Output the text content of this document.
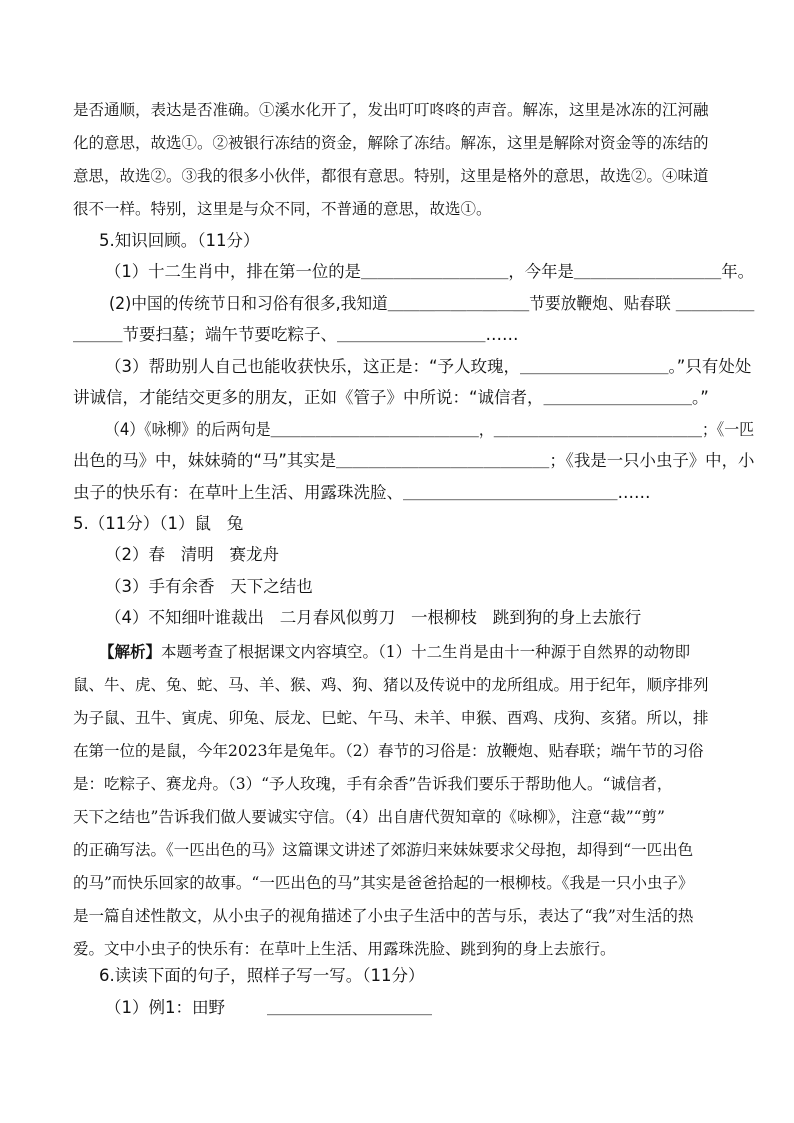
是否通顺，表达是否准确。①溪水化开了，发出叮叮咚咚的声音。解冻，这里是冰冻的江河融
化的意思，故选①。②被银行冻结的资金，解除了冻结。解冻，这里是解除对资金等的冻结的
意思，故选②。③我的很多小伙伴，都很有意思。特别，这里是格外的意思，故选②。④味道
很不一样。特别，这里是与众不同，不普通的意思，故选①。
5.知识回顾。（11分）
（1）十二生肖中，排在第一位的是＿＿＿＿＿＿＿＿＿，今年是＿＿＿＿＿＿＿＿＿年。
(2)中国的传统节日和习俗有很多,我知道＿＿＿＿＿＿＿＿＿节要放鞭炮、贴春联 ＿＿＿＿＿
＿＿＿节要扫墓；端午节要吃粽子、＿＿＿＿＿＿＿＿＿……
（3）帮助别人自己也能收获快乐，这正是：“予人玫瑰，＿＿＿＿＿＿＿＿＿。”只有处处
讲诚信，才能结交更多的朋友，正如《管子》中所说：“诚信者，＿＿＿＿＿＿＿＿＿。”
（4）《咏柳》的后两句是＿＿＿＿＿＿＿＿＿＿＿＿＿＿，＿＿＿＿＿＿＿＿＿＿＿＿＿＿；《一匹
出色的马》中，妹妹骑的“马”其实是＿＿＿＿＿＿＿＿＿＿＿＿＿；《我是一只小虫子》中，小
虫子的快乐有：在草叶上生活、用露珠洗脸、＿＿＿＿＿＿＿＿＿＿＿＿＿……
5.（11分）（1）鼠   兔
（2）春   清明   赛龙舟
（3）手有余香   天下之结也
（4）不知细叶谁裁出   二月春风似剪刀   一根柳枝   跳到狗的身上去旅行
【解析】本题考查了根据课文内容填空。（1）十二生肖是由十一种源于自然界的动物即
鼠、牛、虎、兔、蛇、马、羊、猴、鸡、狗、猪以及传说中的龙所组成。用于纪年，顺序排列
为子鼠、丑牛、寅虎、卯兔、辰龙、巳蛇、午马、未羊、申猴、酉鸡、戌狗、亥猪。所以，排
在第一位的是鼠，今年2023年是兔年。（2）春节的习俗是：放鞭炮、贴春联；端午节的习俗
是：吃粽子、赛龙舟。（3）“予人玫瑰，手有余香”告诉我们要乐于帮助他人。“诚信者，
天下之结也”告诉我们做人要诚实守信。（4）出自唐代贺知章的《咏柳》，注意“裁”“剪”
的正确写法。《一匹出色的马》这篇课文讲述了郊游归来妹妹要求父母抱，却得到“一匹出色
的马”而快乐回家的故事。“一匹出色的马”其实是爸爸拾起的一根柳枝。《我是一只小虫子》
是一篇自述性散文，从小虫子的视角描述了小虫子生活中的苦与乐，表达了“我”对生活的热
爱。文中小虫子的快乐有：在草叶上生活、用露珠洗脸、跳到狗的身上去旅行。
6.读读下面的句子，照样子写一写。（11分）
（1）例1：田野        ＿＿＿＿＿＿＿＿＿＿
